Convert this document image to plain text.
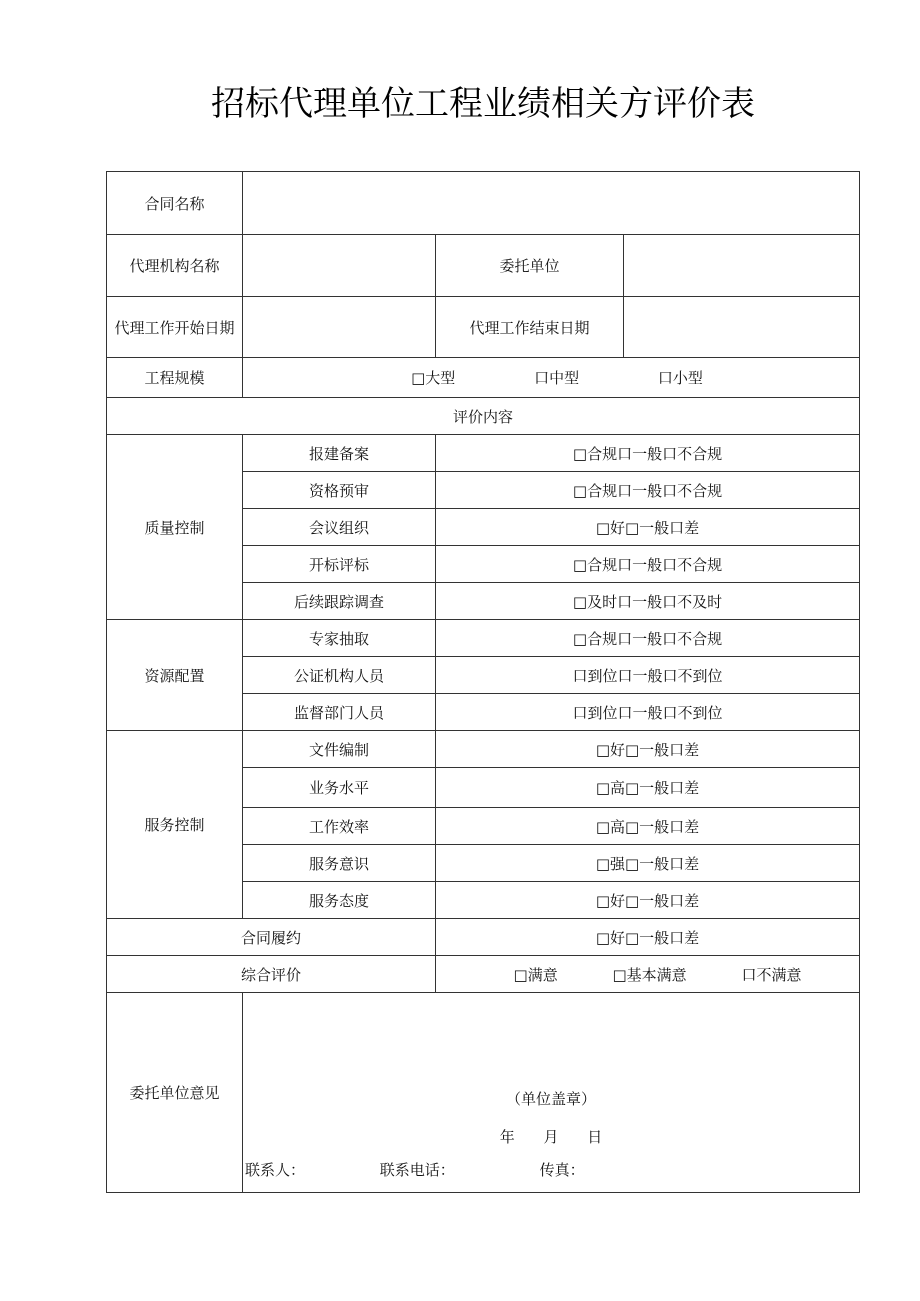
招标代理单位工程业绩相关方评价表
合同名称			
代理机构名称		委托单位	
代理工作开始日期		代理工作结束日期	
工程规模	□大型 口中型 口小型		
评价内容			
质量控制	报建备案	□合规口一般口不合规	
	资格预审	□合规口一般口不合规	
	会议组织	□好□一般口差	
	开标评标	□合规口一般口不合规	
	后续跟踪调查	□及时口一般口不及时	
资源配置	专家抽取	□合规口一般口不合规	
	公证机构人员	口到位口一般口不到位	
	监督部门人员	口到位口一般口不到位	
服务控制	文件编制	□好□一般口差	
	业务水平	□高□一般口差	
	工作效率	□高□一般口差	
	服务意识	□强□一般口差	
	服务态度	□好□一般口差	
合同履约		□好□一般口差	
综合评价		□满意 □基本满意 口不满意	
委托单位意见	（单位盖章）
年 月 日
联系人： 联系电话： 传真：		
